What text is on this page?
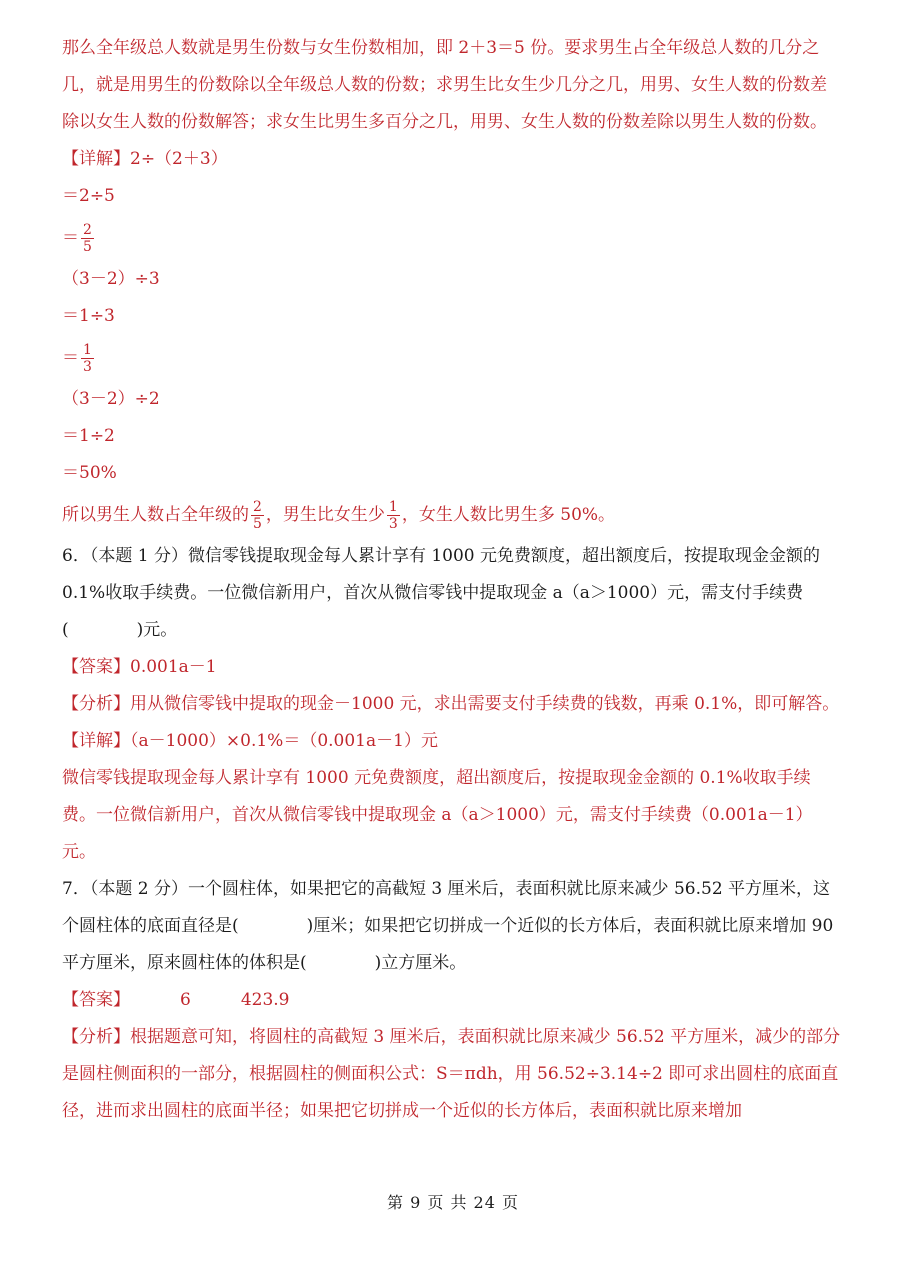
那么全年级总人数就是男生份数与女生份数相加，即 2＋3＝5 份。要求男生占全年级总人数的几分之几，就是用男生的份数除以全年级总人数的份数；求男生比女生少几分之几，用男、女生人数的份数差除以女生人数的份数解答；求女生比男生多百分之几，用男、女生人数的份数差除以男生人数的份数。
【详解】2÷（2＋3）
＝2÷5
＝ $\frac{2}{5}$
（3－2）÷3
＝1÷3
＝ $\frac{1}{3}$
（3－2）÷2
＝1÷2
＝50%
所以男生人数占全年级的 $\frac{2}{5}$ ，男生比女生少 $\frac{1}{3}$ ，女生人数比男生多 50%。
6．（本题 1 分）微信零钱提取现金每人累计享有 1000 元免费额度，超出额度后，按提取现金金额的 0.1%收取手续费。一位微信新用户，首次从微信零钱中提取现金 a（a＞1000）元，需支付手续费(　　　　)元。
【答案】0.001a－1
【分析】用从微信零钱中提取的现金－1000 元，求出需要支付手续费的钱数，再乘 0.1%，即可解答。
【详解】（a－1000）×0.1%＝（0.001a－1）元
微信零钱提取现金每人累计享有 1000 元免费额度，超出额度后，按提取现金金额的 0.1%收取手续费。一位微信新用户，首次从微信零钱中提取现金 a（a＞1000）元，需支付手续费（0.001a－1）元。
7．（本题 2 分）一个圆柱体，如果把它的高截短 3 厘米后，表面积就比原来减少 56.52 平方厘米，这个圆柱体的底面直径是(　　　　)厘米；如果把它切拼成一个近似的长方体后，表面积就比原来增加 90 平方厘米，原来圆柱体的体积是(　　　　)立方厘米。
【答案】	6	423.9
【分析】根据题意可知，将圆柱的高截短 3 厘米后，表面积就比原来减少 56.52 平方厘米，减少的部分是圆柱侧面积的一部分，根据圆柱的侧面积公式：S＝πdh，用 56.52÷3.14÷2 即可求出圆柱的底面直径，进而求出圆柱的底面半径；如果把它切拼成一个近似的长方体后，表面积就比原来增加
第 9 页 共 24 页
